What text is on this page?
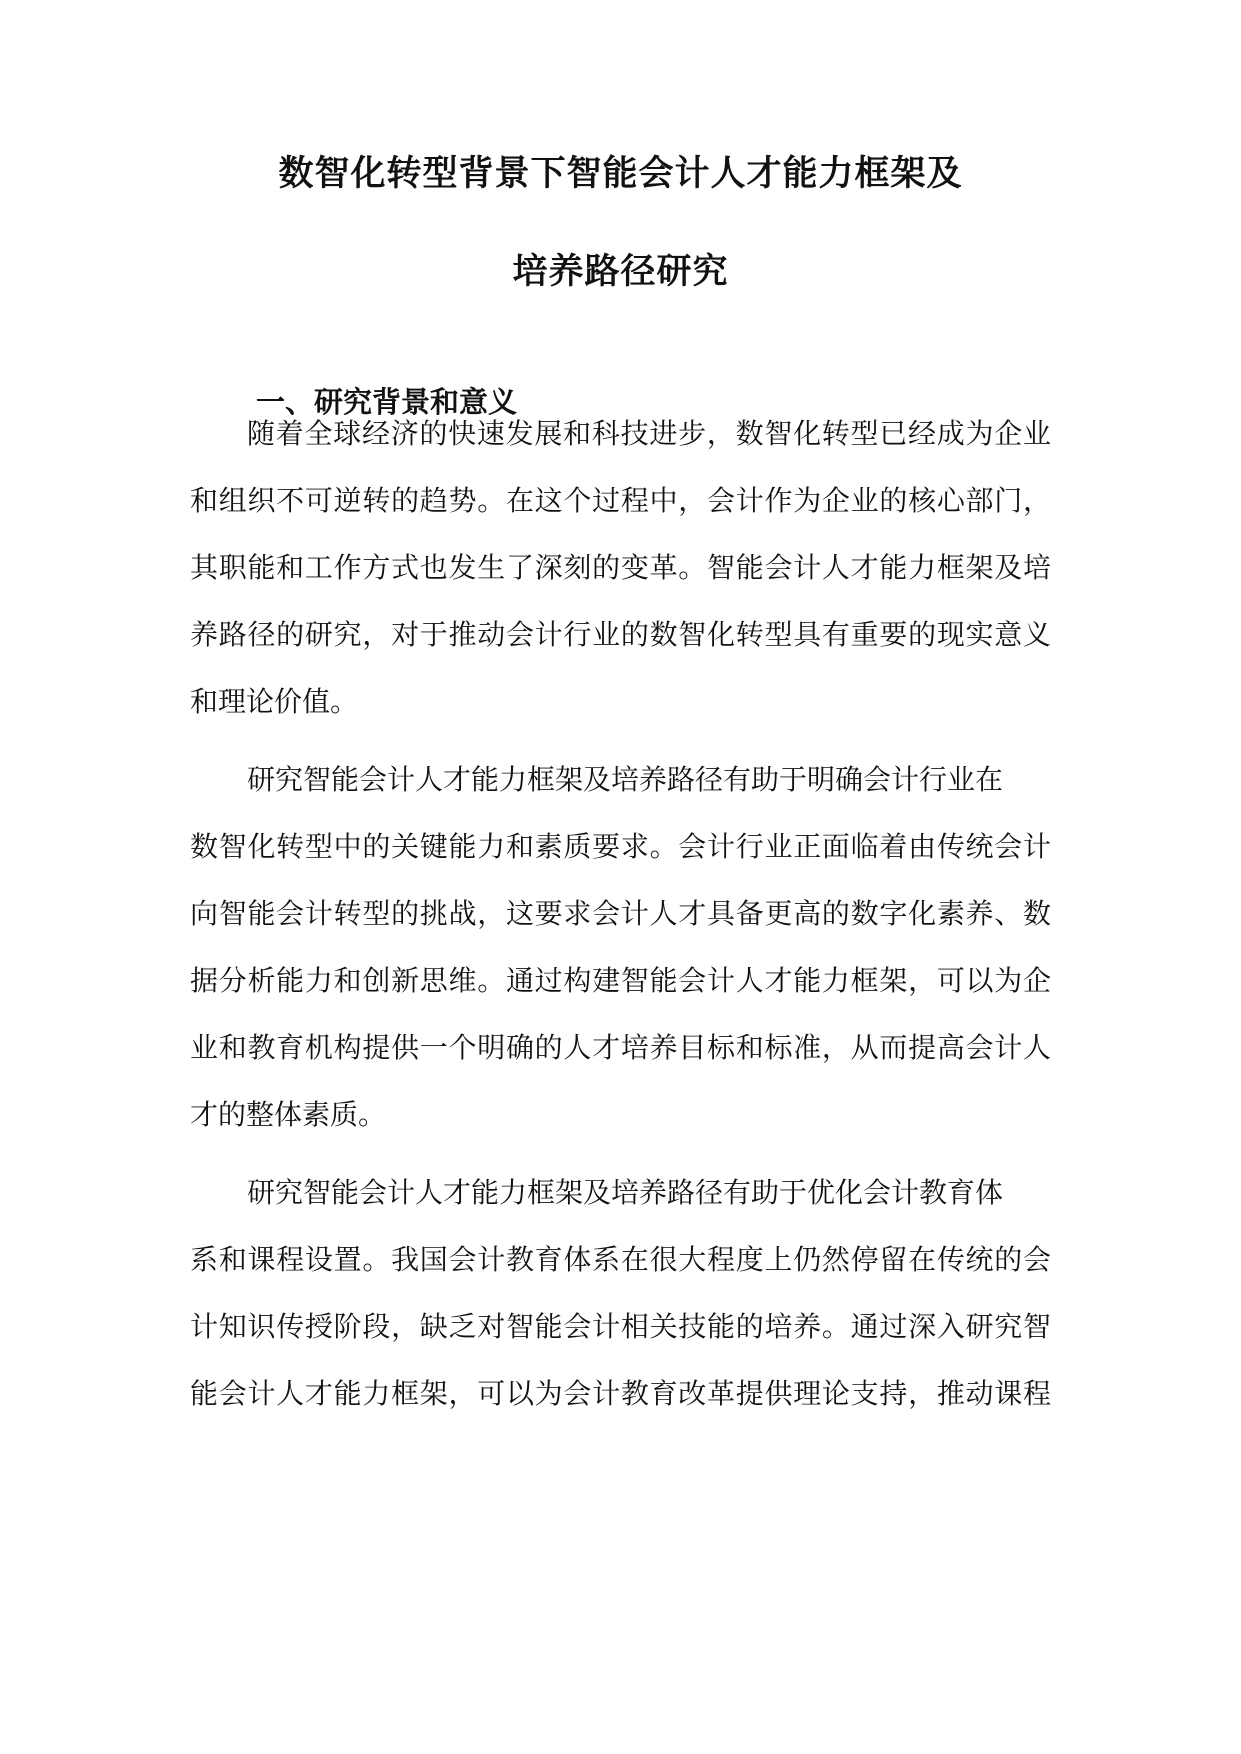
数智化转型背景下智能会计人才能力框架及
培养路径研究
一、研究背景和意义
随着全球经济的快速发展和科技进步，数智化转型已经成为企业
和组织不可逆转的趋势。在这个过程中，会计作为企业的核心部门，
其职能和工作方式也发生了深刻的变革。智能会计人才能力框架及培
养路径的研究，对于推动会计行业的数智化转型具有重要的现实意义
和理论价值。
研究智能会计人才能力框架及培养路径有助于明确会计行业在
数智化转型中的关键能力和素质要求。会计行业正面临着由传统会计
向智能会计转型的挑战，这要求会计人才具备更高的数字化素养、数
据分析能力和创新思维。通过构建智能会计人才能力框架，可以为企
业和教育机构提供一个明确的人才培养目标和标准，从而提高会计人
才的整体素质。
研究智能会计人才能力框架及培养路径有助于优化会计教育体
系和课程设置。我国会计教育体系在很大程度上仍然停留在传统的会
计知识传授阶段，缺乏对智能会计相关技能的培养。通过深入研究智
能会计人才能力框架，可以为会计教育改革提供理论支持，推动课程
